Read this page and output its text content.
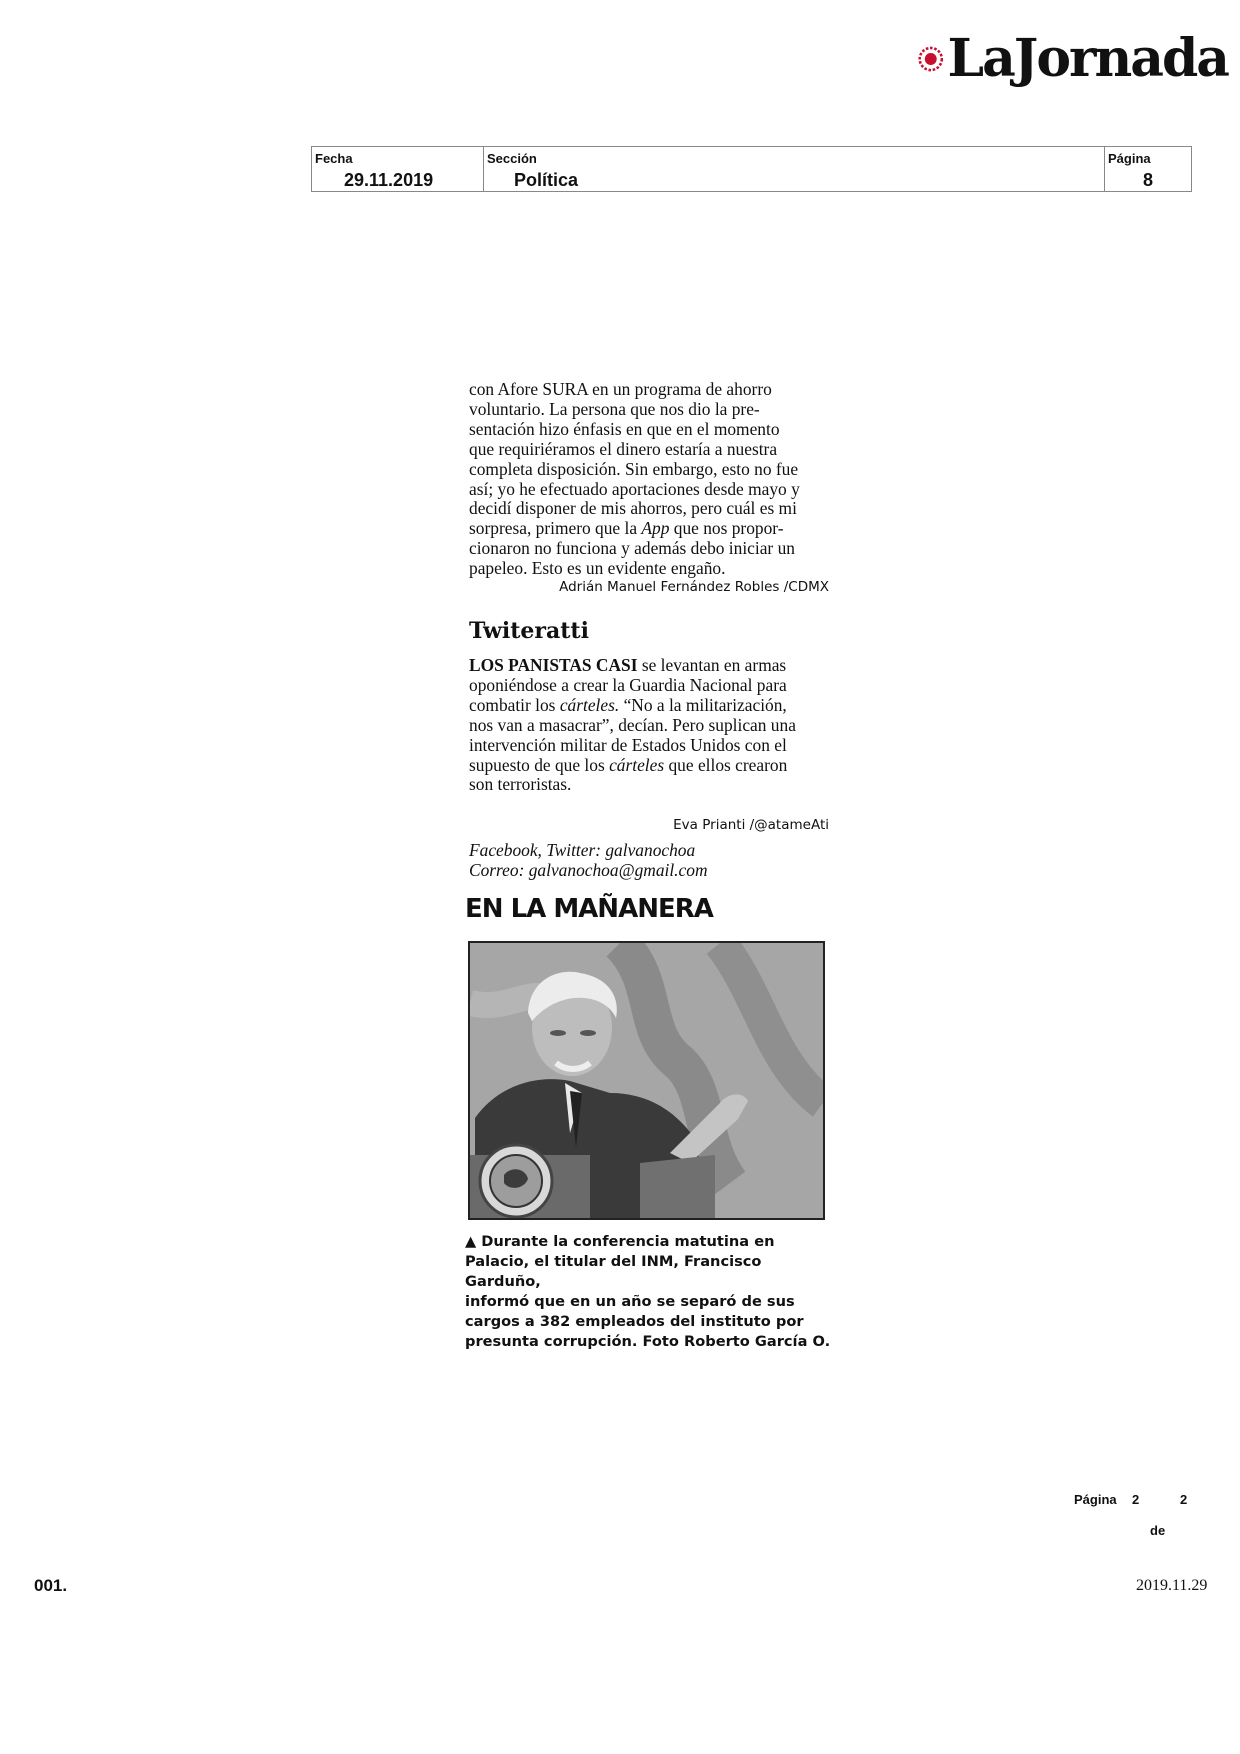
LaJornada
Fecha
29.11.2019
Sección
Política
Página
8

con Afore SURA en un programa de ahorro
voluntario. La persona que nos dio la pre-
sentación hizo énfasis en que en el momento
que requiriéramos el dinero estaría a nuestra
completa disposición. Sin embargo, esto no fue
así; yo he efectuado aportaciones desde mayo y
decidí disponer de mis ahorros, pero cuál es mi
sorpresa, primero que la App que nos propor-
cionaron no funciona y además debo iniciar un
papeleo. Esto es un evidente engaño.

Adrián Manuel Fernández Robles /CDMX

Twiteratti

LOS PANISTAS CASI se levantan en armas
oponiéndose a crear la Guardia Nacional para
combatir los cárteles. “No a la militarización,
nos van a masacrar”, decían. Pero suplican una
intervención militar de Estados Unidos con el
supuesto de que los cárteles que ellos crearon
son terroristas.

Eva Prianti /@atameAti

Facebook, Twitter: galvanochoa

Correo: galvanochoa@gmail.com

EN LA MAÑANERA

▲ Durante la conferencia matutina en
Palacio, el titular del INM, Francisco Garduño,
informó que en un año se separó de sus
cargos a 382 empleados del instituto por
presunta corrupción. Foto Roberto García O.
Página 2	2
de
001.	2019.11.29
